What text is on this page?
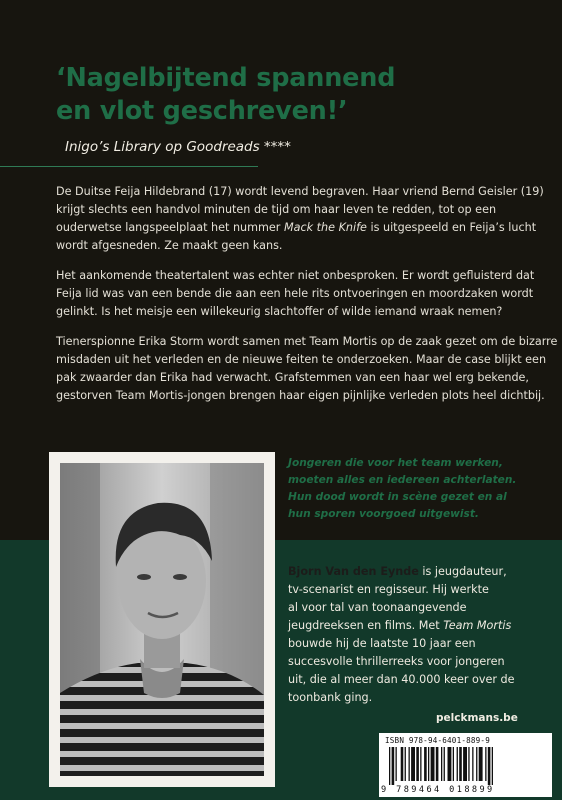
‘Nagelbijtend spannend
en vlot geschreven!’
Inigo’s Library op Goodreads ****

De Duitse Feija Hildebrand (17) wordt levend begraven. Haar vriend Bernd Geisler (19)
krijgt slechts een handvol minuten de tijd om haar leven te redden, tot op een
ouderwetse langspeelplaat het nummer Mack the Knife is uitgespeeld en Feija’s lucht
wordt afgesneden. Ze maakt geen kans.

Het aankomende theatertalent was echter niet onbesproken. Er wordt gefluisterd dat
Feija lid was van een bende die aan een hele rits ontvoeringen en moordzaken wordt
gelinkt. Is het meisje een willekeurig slachtoffer of wilde iemand wraak nemen?

Tienerspionne Erika Storm wordt samen met Team Mortis op de zaak gezet om de bizarre
misdaden uit het verleden en de nieuwe feiten te onderzoeken. Maar de case blijkt een
pak zwaarder dan Erika had verwacht. Grafstemmen van een haar wel erg bekende,
gestorven Team Mortis-jongen brengen haar eigen pijnlijke verleden plots heel dichtbij.

Jongeren die voor het team werken,
moeten alles en iedereen achterlaten.
Hun dood wordt in scène gezet en al
hun sporen voorgoed uitgewist.
Bjorn Van den Eynde is jeugdauteur,
tv-scenarist en regisseur. Hij werkte
al voor tal van toonaangevende
jeugdreeksen en films. Met Team Mortis
bouwde hij de laatste 10 jaar een
succesvolle thrillerreeks voor jongeren
uit, die al meer dan 40.000 keer over de
toonbank ging.
pelckmans.be
ISBN 978-94-6401-889-9
9 789464 018899
